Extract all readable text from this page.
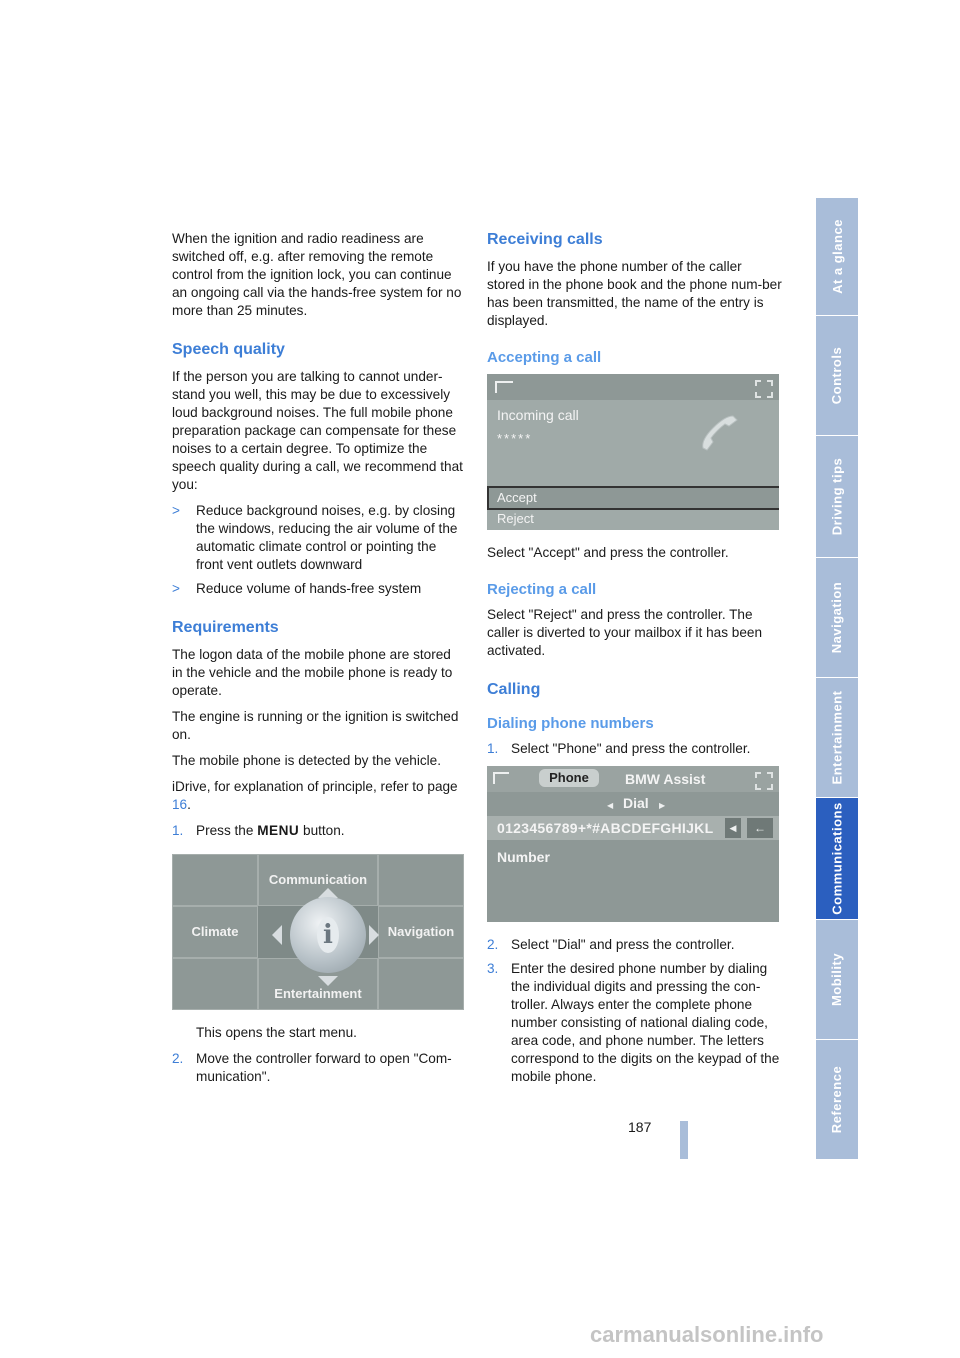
When the ignition and radio readiness are switched off, e.g. after removing the remote control from the ignition lock, you can continue an ongoing call via the hands-free system for no more than 25 minutes.

Speech quality

If the person you are talking to cannot under-stand you well, this may be due to excessively loud background noises. The full mobile phone preparation package can compensate for these noises to a certain degree. To optimize the speech quality during a call, we recommend that you:

>	Reduce background noises, e.g. by closing the windows, reducing the air volume of the automatic climate control or pointing the front vent outlets downward
>	Reduce volume of hands-free system
Requirements

The logon data of the mobile phone are stored in the vehicle and the mobile phone is ready to operate.

The engine is running or the ignition is switched on.

The mobile phone is detected by the vehicle.

iDrive, for explanation of principle, refer to page 16.

1. Press the MENU button.
Communication
Climate	Navigation
Entertainment
i

This opens the start menu.

2. Move the controller forward to open "Com-munication".
Receiving calls

If you have the phone number of the caller stored in the phone book and the phone num-ber has been transmitted, the name of the entry is displayed.

Accepting a call
Incoming call
*****
Accept
Reject

Select "Accept" and press the controller.

Rejecting a call

Select "Reject" and press the controller. The caller is diverted to your mailbox if it has been activated.

Calling
Dialing phone numbers
1. Select "Phone" and press the controller.
Phone	BMW Assist
◀ Dial ▶
0123456789+*#ABCDEFGHIJKL	◀	←
Number
2. Select "Dial" and press the controller.
3. Enter the desired phone number by dialing the individual digits and pressing the con-troller. Always enter the complete phone number consisting of national dialing code, area code, and phone number. The letters correspond to the digits on the keypad of the mobile phone.
At a glance
Controls
Driving tips
Navigation
Entertainment
Communications
Mobility
Reference
187
carmanualsonline.info
